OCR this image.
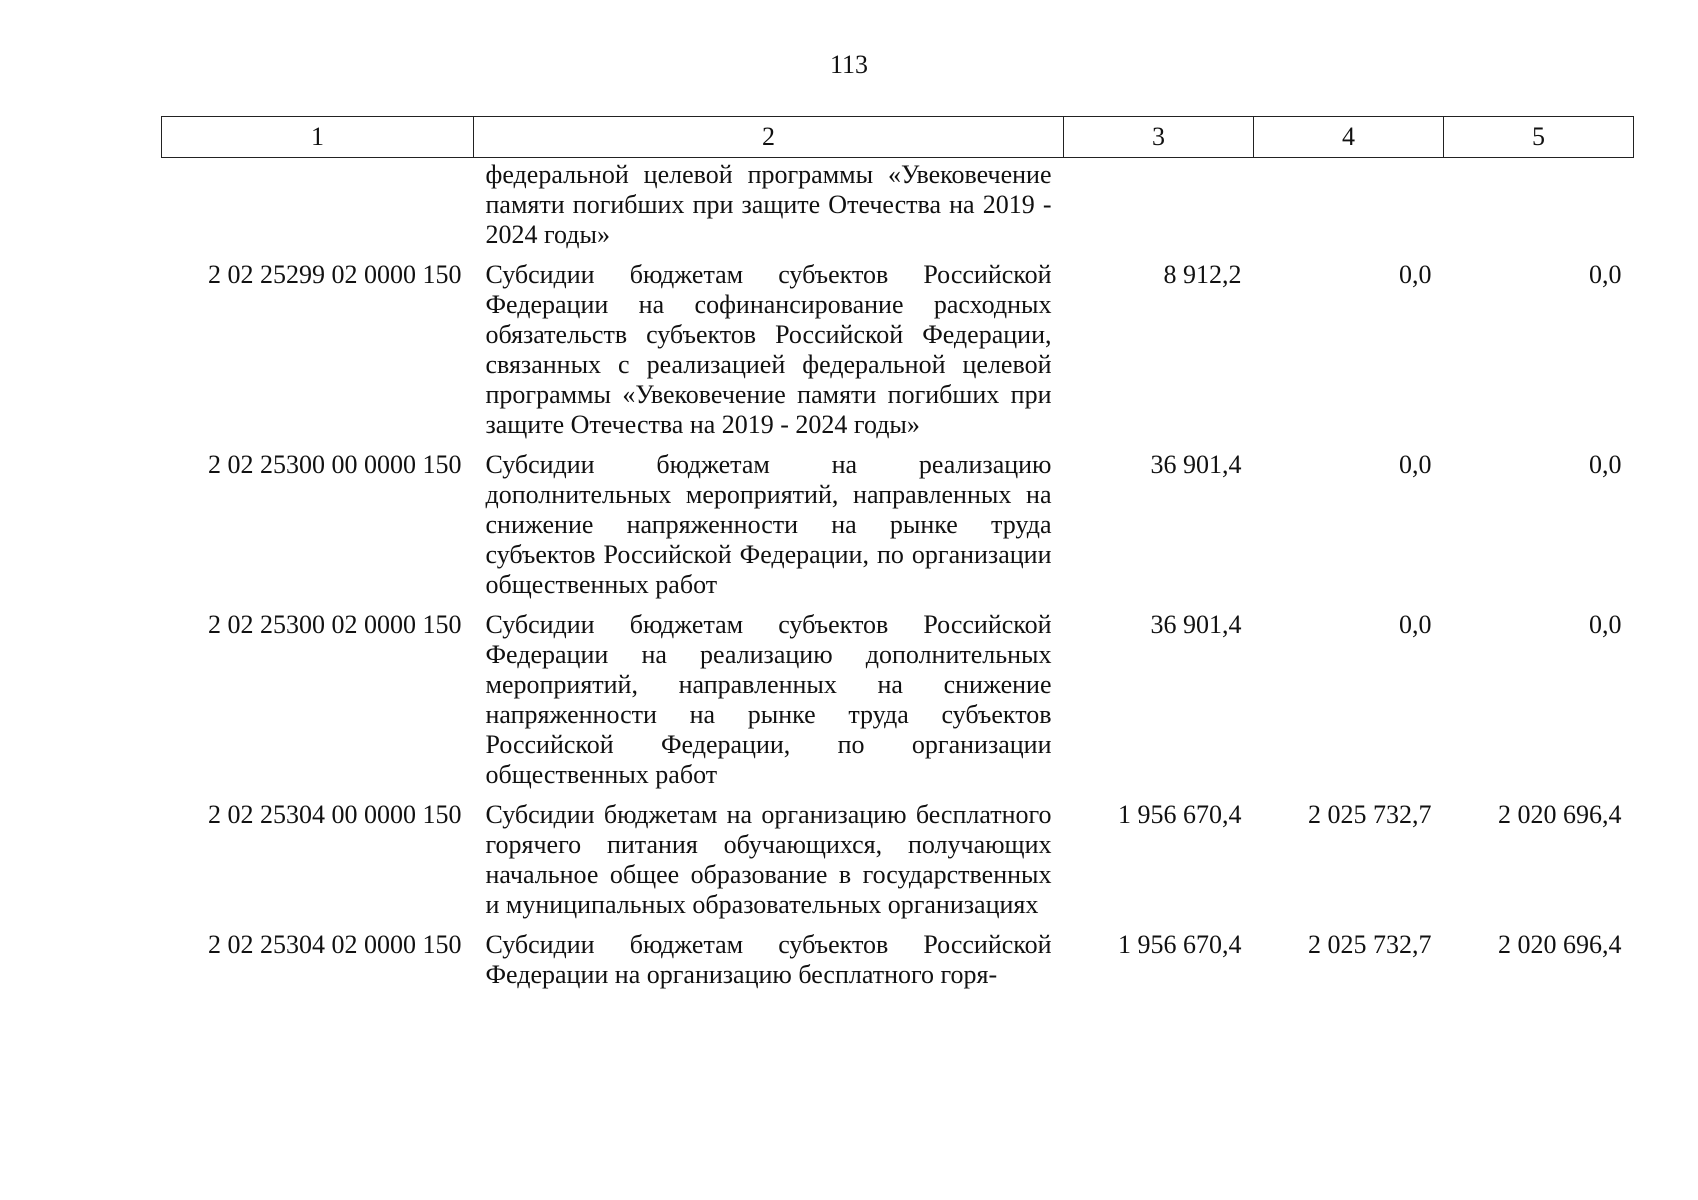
113
1	2	3	4	5
	федеральной целевой программы «Увековечение памяти погибших при защите Отечества на 2019 - 2024 годы»			
2 02 25299 02 0000 150	Субсидии бюджетам субъектов Российской Федерации на софинансирование расходных обязательств субъектов Российской Федерации, связанных с реализацией федеральной целевой программы «Увековечение памяти погибших при защите Отечества на 2019 - 2024 годы»	8 912,2	0,0	0,0
2 02 25300 00 0000 150	Субсидии бюджетам на реализацию дополнительных мероприятий, направленных на снижение напряженности на рынке труда субъектов Российской Федерации, по организации общественных работ	36 901,4	0,0	0,0
2 02 25300 02 0000 150	Субсидии бюджетам субъектов Российской Федерации на реализацию дополнительных мероприятий, направленных на снижение напряженности на рынке труда субъектов Российской Федерации, по организации общественных работ	36 901,4	0,0	0,0
2 02 25304 00 0000 150	Субсидии бюджетам на организацию бесплатного горячего питания обучающихся, получающих начальное общее образование в государственных и муниципальных образовательных организациях	1 956 670,4	2 025 732,7	2 020 696,4
2 02 25304 02 0000 150	Субсидии бюджетам субъектов Российской Федерации на организацию бесплатного горя-	1 956 670,4	2 025 732,7	2 020 696,4
